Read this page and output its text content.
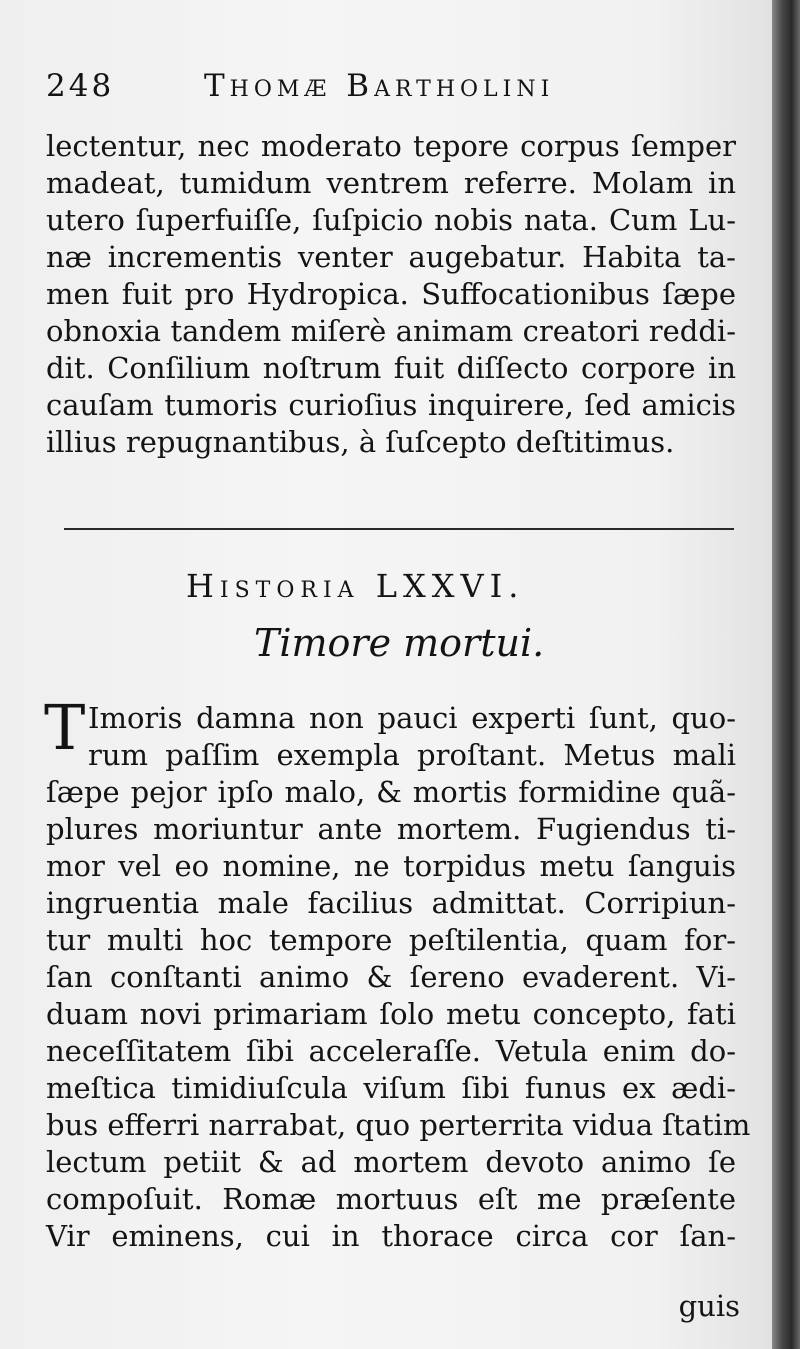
248	Thomæ Bartholini
lectentur, nec moderato tepore corpus ſemper
madeat, tumidum ventrem referre. Molam in
utero ſuperfuiſſe, ſuſpicio nobis nata. Cum Lu-
næ incrementis venter augebatur. Habita ta-
men fuit pro Hydropica. Suffocationibus ſæpe
obnoxia tandem miſerè animam creatori reddi-
dit. Conſilium noſtrum fuit diſſecto corpore in
cauſam tumoris curioſius inquirere, ſed amicis
illius repugnantibus, à ſuſcepto deſtitimus.
Historia LXXVI.
Timore mortui.
T Imoris damna non pauci experti ſunt, quo-
rum paſſim exempla proſtant. Metus mali
ſæpe pejor ipſo malo, & mortis formidine quã-
plures moriuntur ante mortem. Fugiendus ti-
mor vel eo nomine, ne torpidus metu ſanguis
ingruentia male facilius admittat. Corripiun-
tur multi hoc tempore peſtilentia, quam for-
ſan conſtanti animo & ſereno evaderent. Vi-
duam novi primariam ſolo metu concepto, fati
neceſſitatem ſibi acceleraſſe. Vetula enim do-
meſtica timidiuſcula viſum ſibi funus ex ædi-
bus efferri narrabat, quo perterrita vidua ſtatim
lectum petiit & ad mortem devoto animo ſe
compoſuit. Romæ mortuus eſt me præſente
Vir eminens, cui in thorace circa cor ſan-
guis
